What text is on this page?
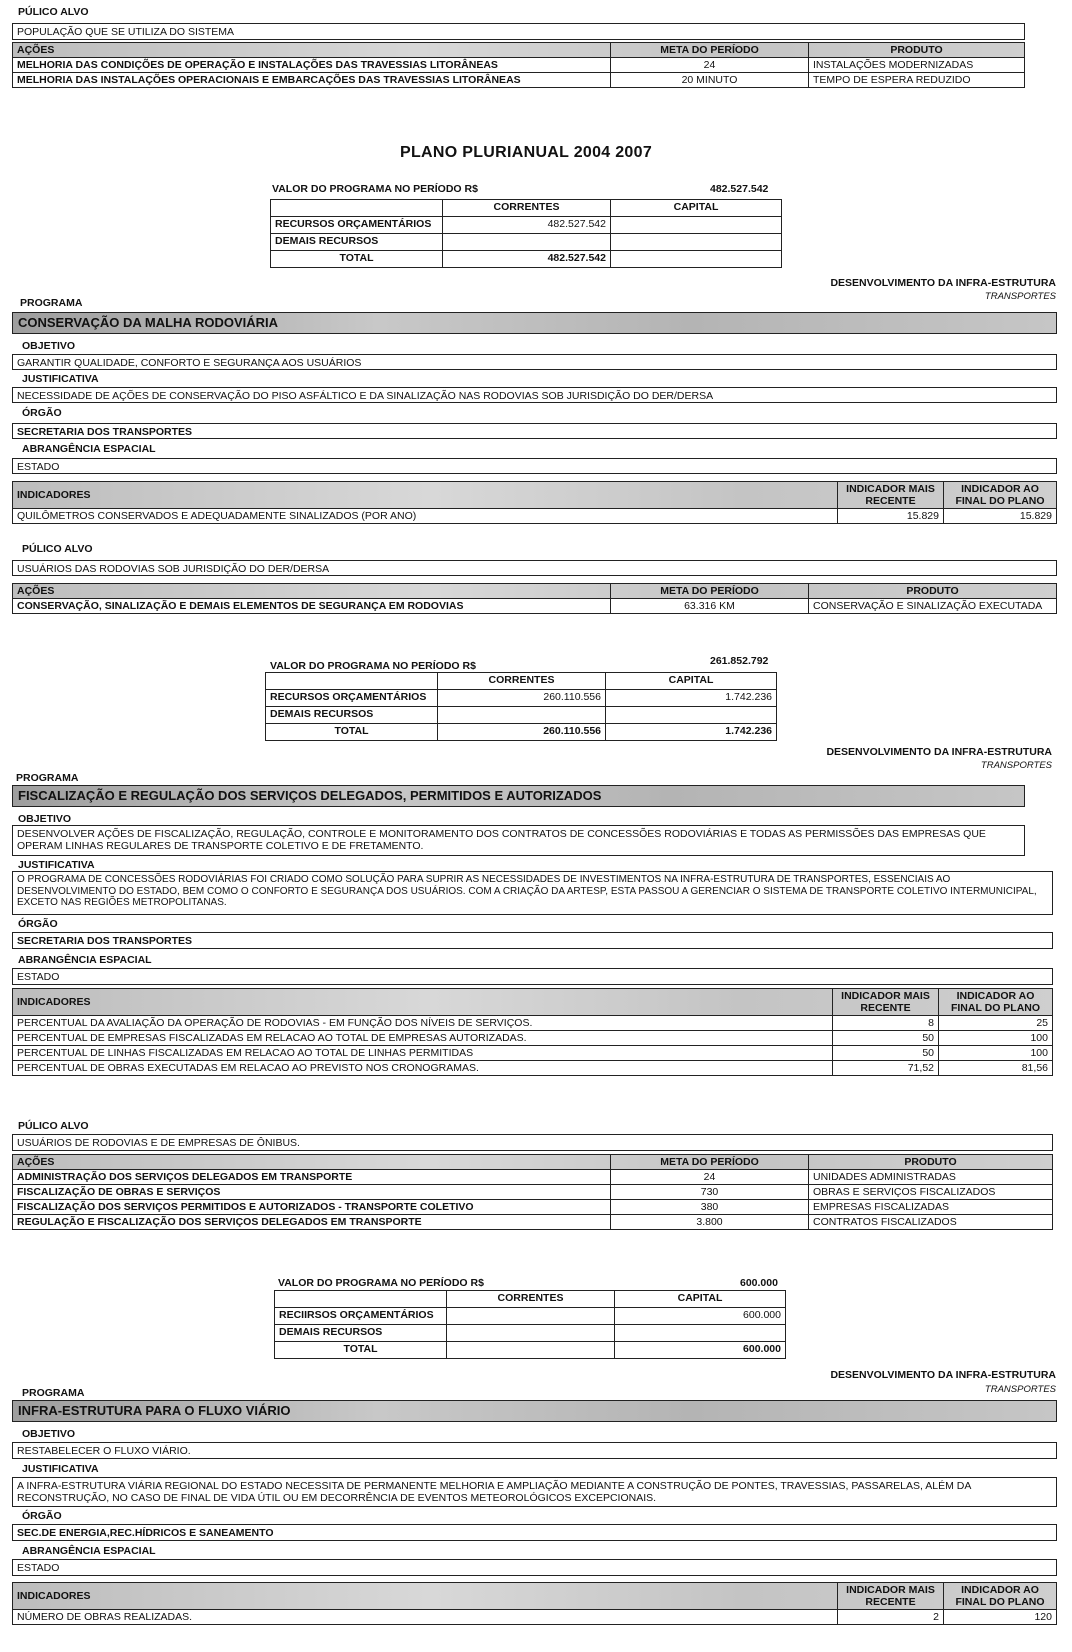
PÚLICO ALVO
POPULAÇÃO QUE SE UTILIZA DO SISTEMA
AÇÕES	META DO PERÍODO	PRODUTO
MELHORIA DAS CONDIÇÕES DE OPERAÇÃO E INSTALAÇÕES DAS TRAVESSIAS LITORÂNEAS	24	INSTALAÇÕES MODERNIZADAS
MELHORIA DAS INSTALAÇÕES OPERACIONAIS E EMBARCAÇÕES DAS TRAVESSIAS LITORÂNEAS	20 MINUTO	TEMPO DE ESPERA REDUZIDO
PLANO PLURIANUAL 2004 2007
VALOR DO PROGRAMA NO PERÍODO R$	482.527.542
	CORRENTES	CAPITAL
RECURSOS ORÇAMENTÁRIOS	482.527.542	
DEMAIS RECURSOS		
TOTAL	482.527.542	
DESENVOLVIMENTO DA INFRA-ESTRUTURA
TRANSPORTES
PROGRAMA
CONSERVAÇÃO DA MALHA RODOVIÁRIA
OBJETIVO
GARANTIR QUALIDADE, CONFORTO E SEGURANÇA AOS USUÁRIOS
JUSTIFICATIVA
NECESSIDADE DE AÇÕES DE CONSERVAÇÃO DO PISO ASFÁLTICO E DA SINALIZAÇÃO NAS RODOVIAS SOB JURISDIÇÃO DO DER/DERSA
ÓRGÃO
SECRETARIA DOS TRANSPORTES
ABRANGÊNCIA ESPACIAL
ESTADO
INDICADORES	INDICADOR MAIS RECENTE	INDICADOR AO FINAL DO PLANO
QUILÔMETROS CONSERVADOS E ADEQUADAMENTE SINALIZADOS (POR ANO)	15.829	15.829
PÚLICO ALVO
USUÁRIOS DAS RODOVIAS SOB JURISDIÇÃO DO DER/DERSA
AÇÕES	META DO PERÍODO	PRODUTO
CONSERVAÇÃO, SINALIZAÇÃO E DEMAIS ELEMENTOS DE SEGURANÇA EM RODOVIAS	63.316 KM	CONSERVAÇÃO E SINALIZAÇÃO EXECUTADA
VALOR DO PROGRAMA NO PERÍODO R$	261.852.792
	CORRENTES	CAPITAL
RECURSOS ORÇAMENTÁRIOS	260.110.556	1.742.236
DEMAIS RECURSOS		
TOTAL	260.110.556	1.742.236
DESENVOLVIMENTO DA INFRA-ESTRUTURA
TRANSPORTES
PROGRAMA
FISCALIZAÇÃO E REGULAÇÃO DOS SERVIÇOS DELEGADOS, PERMITIDOS E AUTORIZADOS
OBJETIVO
DESENVOLVER AÇÕES DE FISCALIZAÇÃO, REGULAÇÃO, CONTROLE E MONITORAMENTO DOS CONTRATOS DE CONCESSÕES RODOVIÁRIAS E TODAS AS PERMISSÕES DAS EMPRESAS QUE OPERAM LINHAS REGULARES DE TRANSPORTE COLETIVO E DE FRETAMENTO.
JUSTIFICATIVA
O PROGRAMA DE CONCESSÕES RODOVIÁRIAS FOI CRIADO COMO SOLUÇÃO PARA SUPRIR AS NECESSIDADES DE INVESTIMENTOS NA INFRA-ESTRUTURA DE TRANSPORTES, ESSENCIAIS AO DESENVOLVIMENTO DO ESTADO, BEM COMO O CONFORTO E SEGURANÇA DOS USUÁRIOS. COM A CRIAÇÃO DA ARTESP, ESTA PASSOU A GERENCIAR O SISTEMA DE TRANSPORTE COLETIVO INTERMUNICIPAL, EXCETO NAS REGIÕES METROPOLITANAS.
ÓRGÃO
SECRETARIA DOS TRANSPORTES
ABRANGÊNCIA ESPACIAL
ESTADO
INDICADORES	INDICADOR MAIS RECENTE	INDICADOR AO FINAL DO PLANO
PERCENTUAL DA AVALIAÇÃO DA OPERAÇÃO DE RODOVIAS - EM FUNÇÃO DOS NÍVEIS DE SERVIÇOS.	8	25
PERCENTUAL DE EMPRESAS FISCALIZADAS EM RELACAO AO TOTAL DE EMPRESAS AUTORIZADAS.	50	100
PERCENTUAL DE LINHAS FISCALIZADAS EM RELACAO AO TOTAL DE LINHAS PERMITIDAS	50	100
PERCENTUAL DE OBRAS EXECUTADAS EM RELACAO AO PREVISTO NOS CRONOGRAMAS.	71,52	81,56
PÚLICO ALVO
USUÁRIOS DE RODOVIAS E DE EMPRESAS DE ÔNIBUS.
AÇÕES	META DO PERÍODO	PRODUTO
ADMINISTRAÇÃO DOS SERVIÇOS DELEGADOS EM TRANSPORTE	24	UNIDADES ADMINISTRADAS
FISCALIZAÇÃO DE OBRAS E SERVIÇOS	730	OBRAS E SERVIÇOS FISCALIZADOS
FISCALIZAÇÃO DOS SERVIÇOS PERMITIDOS E AUTORIZADOS - TRANSPORTE COLETIVO	380	EMPRESAS FISCALIZADAS
REGULAÇÃO E FISCALIZAÇÃO DOS SERVIÇOS DELEGADOS EM TRANSPORTE	3.800	CONTRATOS FISCALIZADOS
VALOR DO PROGRAMA NO PERÍODO R$	600.000
	CORRENTES	CAPITAL
RECIIRSOS ORÇAMENTÁRIOS		600.000
DEMAIS RECURSOS		
TOTAL		600.000
DESENVOLVIMENTO DA INFRA-ESTRUTURA
TRANSPORTES
PROGRAMA
INFRA-ESTRUTURA PARA O FLUXO VIÁRIO
OBJETIVO
RESTABELECER O FLUXO VIÁRIO.
JUSTIFICATIVA
A INFRA-ESTRUTURA VIÁRIA REGIONAL DO ESTADO NECESSITA DE PERMANENTE MELHORIA E AMPLIAÇÃO MEDIANTE A CONSTRUÇÃO DE PONTES, TRAVESSIAS, PASSARELAS, ALÉM DA RECONSTRUÇÃO, NO CASO DE FINAL DE VIDA ÚTIL OU EM DECORRÊNCIA DE EVENTOS METEOROLÓGICOS EXCEPCIONAIS.
ÓRGÃO
SEC.DE ENERGIA,REC.HÍDRICOS E SANEAMENTO
ABRANGÊNCIA ESPACIAL
ESTADO
INDICADORES	INDICADOR MAIS RECENTE	INDICADOR AO FINAL DO PLANO
NÚMERO DE OBRAS REALIZADAS.	2	120
